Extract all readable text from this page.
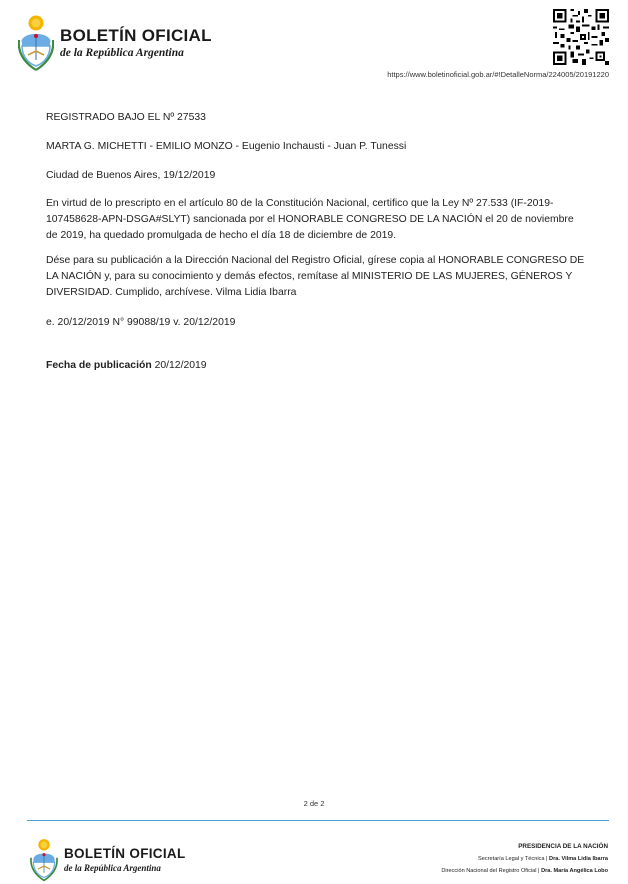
BOLETÍN OFICIAL
de la República Argentina
https://www.boletinoficial.gob.ar/#!DetalleNorma/224005/20191220

REGISTRADO BAJO EL Nº 27533

MARTA G. MICHETTI - EMILIO MONZO - Eugenio Inchausti - Juan P. Tunessi

Ciudad de Buenos Aires, 19/12/2019

En virtud de lo prescripto en el artículo 80 de la Constitución Nacional, certifico que la Ley Nº 27.533 (IF-2019-107458628-APN-DSGA#SLYT) sancionada por el HONORABLE CONGRESO DE LA NACIÓN el 20 de noviembre de 2019, ha quedado promulgada de hecho el día 18 de diciembre de 2019.

Dése para su publicación a la Dirección Nacional del Registro Oficial, gírese copia al HONORABLE CONGRESO DE LA NACIÓN y, para su conocimiento y demás efectos, remítase al MINISTERIO DE LAS MUJERES, GÉNEROS Y DIVERSIDAD. Cumplido, archívese. Vilma Lidia Ibarra

e. 20/12/2019 N° 99088/19 v. 20/12/2019

Fecha de publicación 20/12/2019

2 de 2
BOLETÍN OFICIAL
de la República Argentina
PRESIDENCIA DE LA NACIÓN
Secretaría Legal y Técnica | Dra. Vilma Lidia Ibarra
Dirección Nacional del Registro Oficial | Dra. María Angélica Lobo
